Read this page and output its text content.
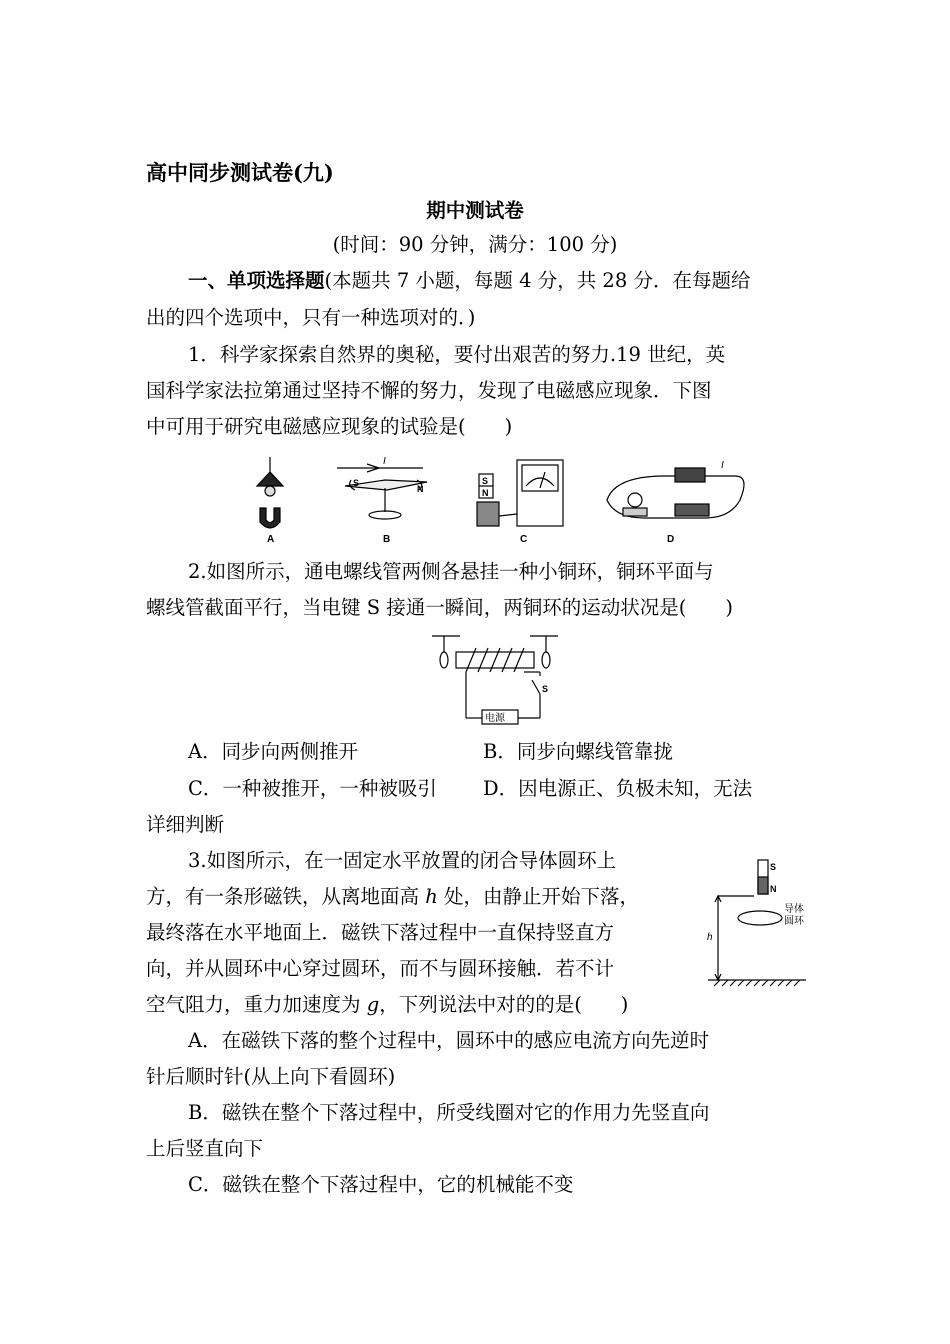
高中同步测试卷(九)
期中测试卷
(时间：90 分钟，满分：100 分)
一、单项选择题(本题共 7 小题，每题 4 分，共 28 分．在每题给
出的四个选项中，只有一种选项对的．)
1．科学家探索自然界的奥秘，要付出艰苦的努力.19 世纪，英
国科学家法拉第通过坚持不懈的努力，发现了电磁感应现象．下图
中可用于研究电磁感应现象的试验是(　　)
I
S
N
S
N
I
A	B	C	D
2.如图所示，通电螺线管两侧各悬挂一种小铜环，铜环平面与
螺线管截面平行，当电键 S 接通一瞬间，两铜环的运动状况是(　　)
S
电源
A．同步向两侧推开	B．同步向螺线管靠拢
C．一种被推开，一种被吸引 D．因电源正、负极未知，无法
详细判断
3.如图所示，在一固定水平放置的闭合导体圆环上
方，有一条形磁铁，从离地面高 h 处，由静止开始下落，
最终落在水平地面上．磁铁下落过程中一直保持竖直方
向，并从圆环中心穿过圆环，而不与圆环接触．若不计
空气阻力，重力加速度为 g，下列说法中对的的是(　　)
S
N
h
导体
圆环
A．在磁铁下落的整个过程中，圆环中的感应电流方向先逆时
针后顺时针(从上向下看圆环)
B．磁铁在整个下落过程中，所受线圈对它的作用力先竖直向
上后竖直向下
C．磁铁在整个下落过程中，它的机械能不变
